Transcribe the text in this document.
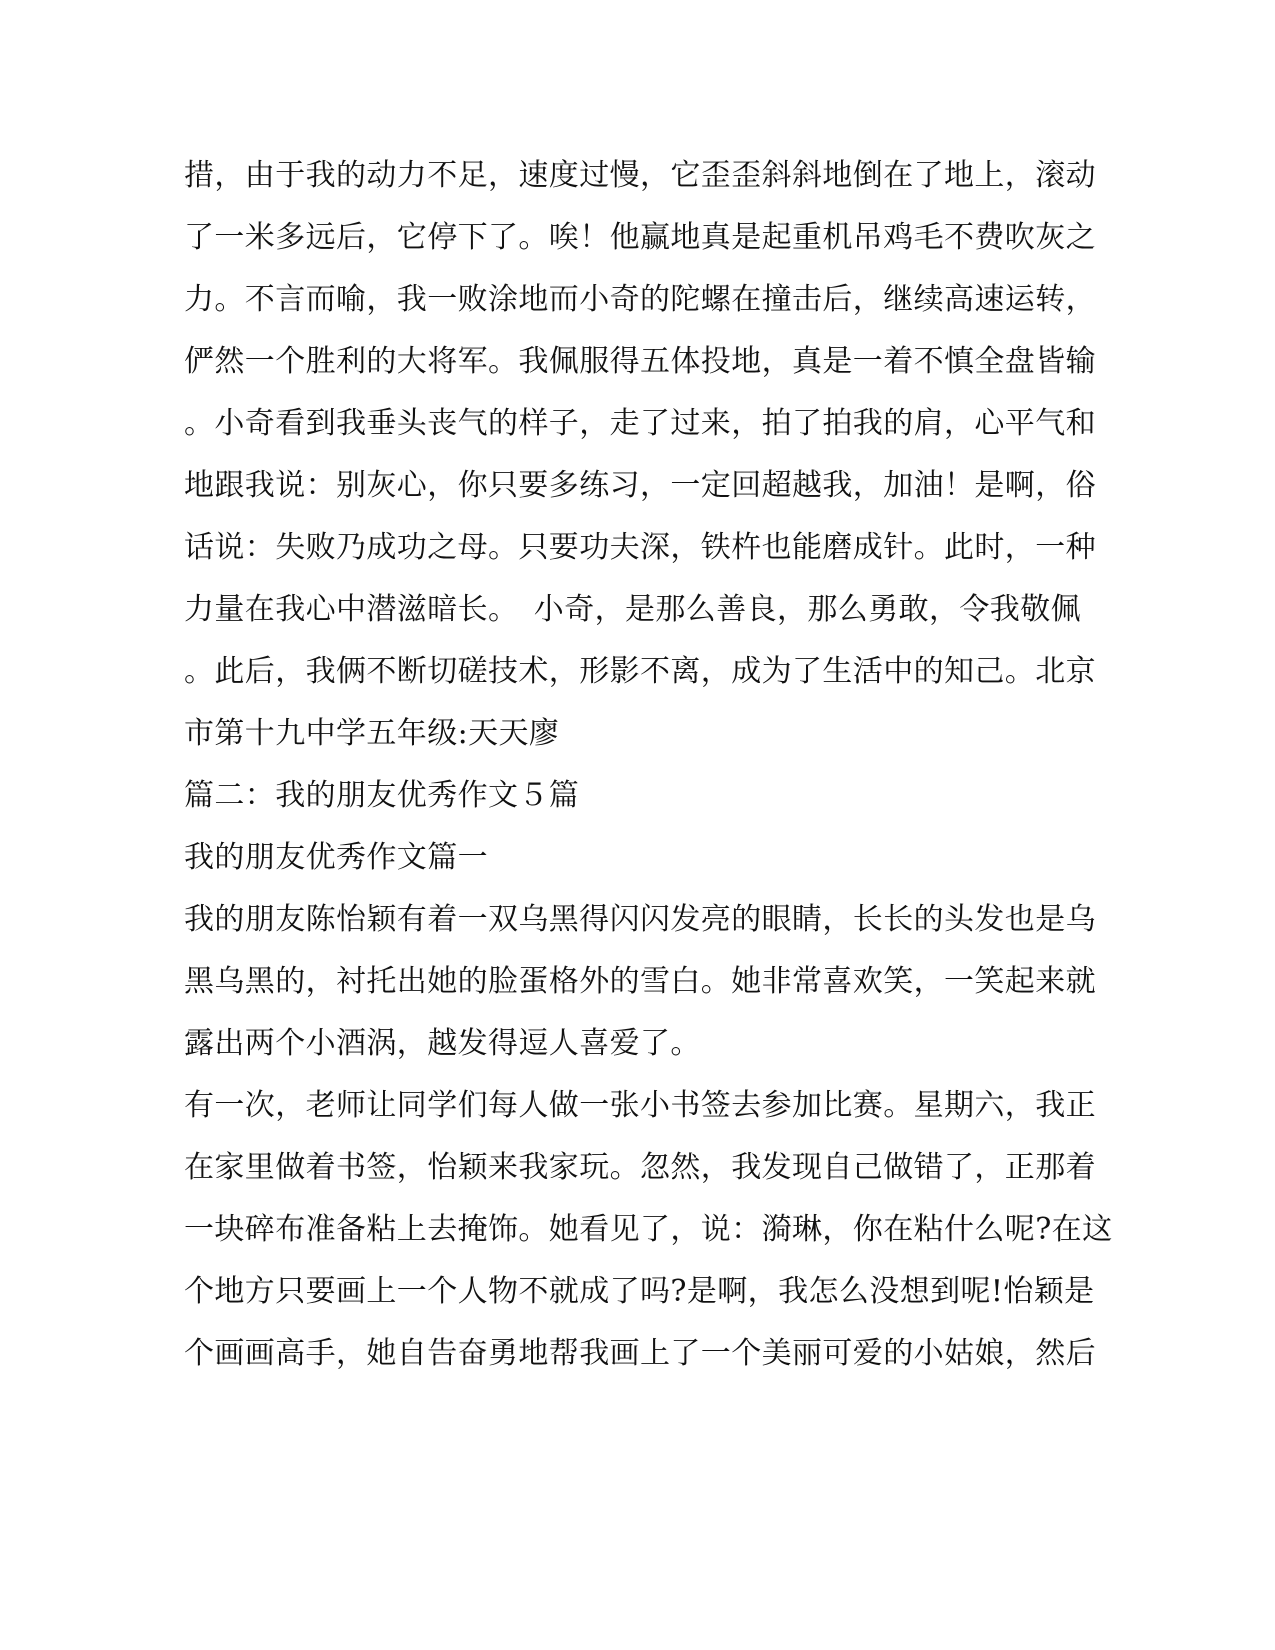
措，由于我的动力不足，速度过慢，它歪歪斜斜地倒在了地上，滚动
了一米多远后，它停下了。唉！他赢地真是起重机吊鸡毛不费吹灰之
力。不言而喻，我一败涂地而小奇的陀螺在撞击后，继续高速运转，
俨然一个胜利的大将军。我佩服得五体投地，真是一着不慎全盘皆输
。小奇看到我垂头丧气的样子，走了过来，拍了拍我的肩，心平气和
地跟我说：别灰心，你只要多练习，一定回超越我，加油！是啊，俗
话说：失败乃成功之母。只要功夫深，铁杵也能磨成针。此时，一种
力量在我心中潜滋暗长。　小奇，是那么善良，那么勇敢，令我敬佩
。此后，我俩不断切磋技术，形影不离，成为了生活中的知己。北京
市第十九中学五年级:天天廖
篇二：我的朋友优秀作文５篇
我的朋友优秀作文篇一
我的朋友陈怡颖有着一双乌黑得闪闪发亮的眼睛，长长的头发也是乌
黑乌黑的，衬托出她的脸蛋格外的雪白。她非常喜欢笑，一笑起来就
露出两个小酒涡，越发得逗人喜爱了。
有一次，老师让同学们每人做一张小书签去参加比赛。星期六，我正
在家里做着书签，怡颖来我家玩。忽然，我发现自己做错了，正那着
一块碎布准备粘上去掩饰。她看见了，说：漪琳，你在粘什么呢?在这
个地方只要画上一个人物不就成了吗?是啊，我怎么没想到呢!怡颖是
个画画高手，她自告奋勇地帮我画上了一个美丽可爱的小姑娘，然后
